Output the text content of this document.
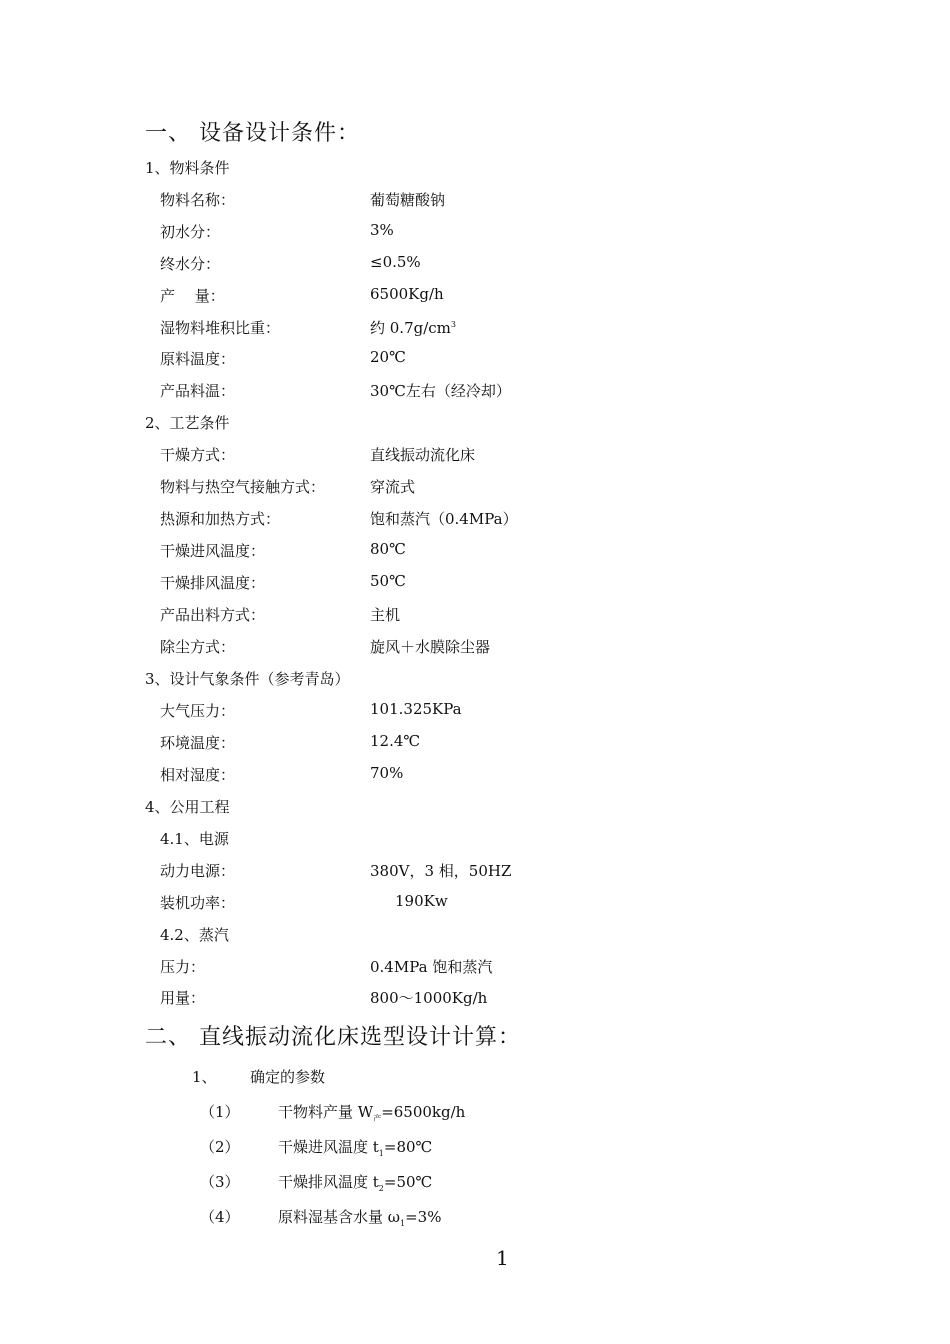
一、 设备设计条件：
1、物料条件
物料名称：	葡萄糖酸钠
初水分：	3%
终水分：	≤0.5%
产　 量：	6500Kg/h
湿物料堆积比重：	约 $0.7g/cm^3$
原料温度：	20℃
产品料温：	30℃左右（经冷却）
2、工艺条件
干燥方式：	直线振动流化床
物料与热空气接触方式：	穿流式
热源和加热方式：	饱和蒸汽（0.4MPa）
干燥进风温度：	80℃
干燥排风温度：	50℃
产品出料方式：	主机
除尘方式：	旋风＋水膜除尘器
3、设计气象条件（参考青岛）
大气压力：	101.325KPa
环境温度：	12.4℃
相对湿度：	70%
4、公用工程
4.1、电源
动力电源：	380V，3 相，50HZ
装机功率：	190Kw
4.2、蒸汽
压力：	0.4MPa 饱和蒸汽
用量：	800～1000Kg/h
二、 直线振动流化床选型设计计算：
1、 确定的参数
（1）	干物料产量 $W_产=6500kg/h$
（2）	干燥进风温度 $t_1=80℃$
（3）	干燥排风温度 $t_2=50℃$
（4）	原料湿基含水量 $\omega_1=3\%$
1
